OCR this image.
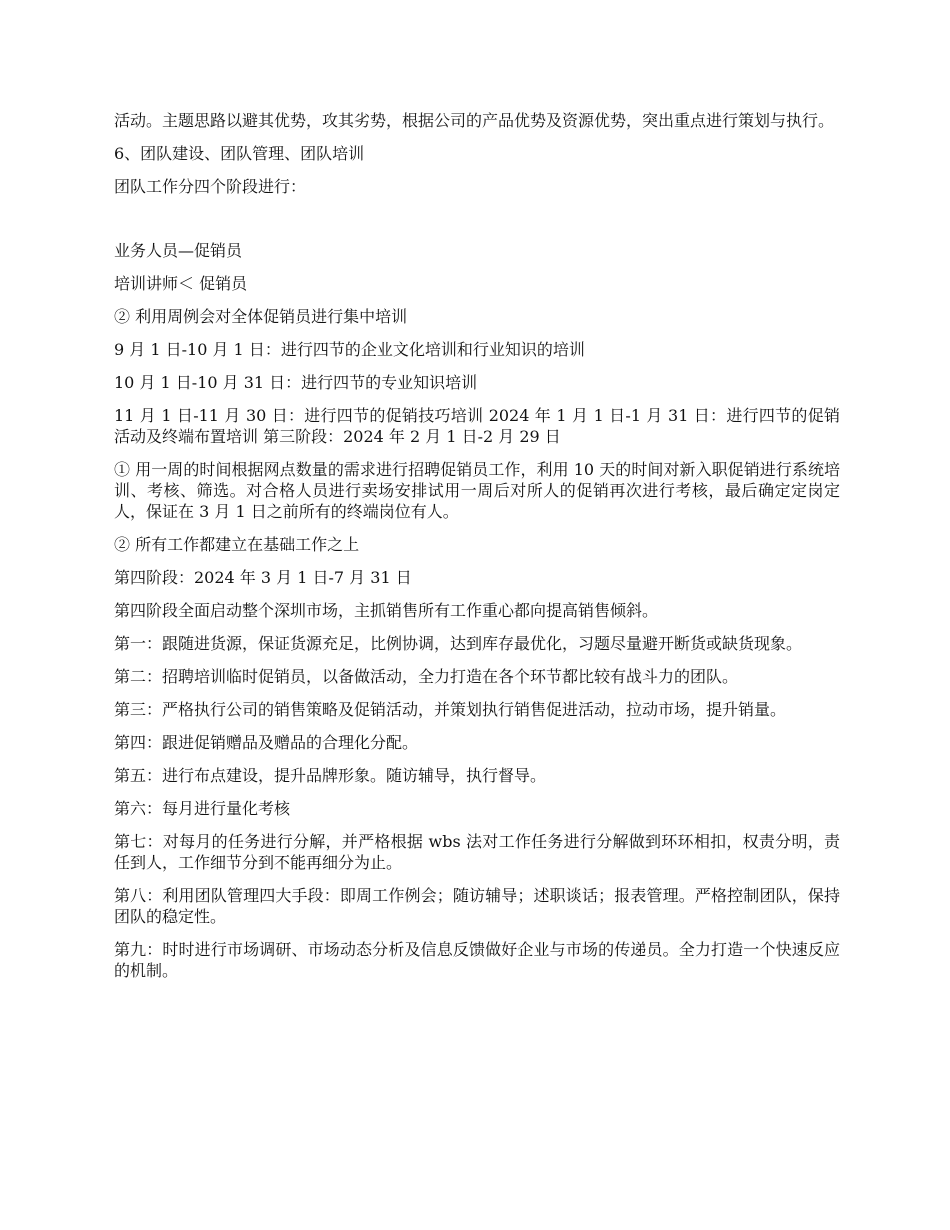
活动。主题思路以避其优势，攻其劣势，根据公司的产品优势及资源优势，突出重点进行策划与执行。

6、团队建设、团队管理、团队培训

团队工作分四个阶段进行：

业务人员—促销员

培训讲师＜ 促销员

② 利用周例会对全体促销员进行集中培训

9 月 1 日-10 月 1 日：进行四节的企业文化培训和行业知识的培训

10 月 1 日-10 月 31 日：进行四节的专业知识培训

11 月 1 日-11 月 30 日：进行四节的促销技巧培训 2024 年 1 月 1 日-1 月 31 日：进行四节的促销活动及终端布置培训 第三阶段：2024 年 2 月 1 日-2 月 29 日

① 用一周的时间根据网点数量的需求进行招聘促销员工作，利用 10 天的时间对新入职促销进行系统培训、考核、筛选。对合格人员进行卖场安排试用一周后对所人的促销再次进行考核，最后确定定岗定人，保证在 3 月 1 日之前所有的终端岗位有人。

② 所有工作都建立在基础工作之上

第四阶段：2024 年 3 月 1 日-7 月 31 日

第四阶段全面启动整个深圳市场，主抓销售所有工作重心都向提高销售倾斜。

第一：跟随进货源，保证货源充足，比例协调，达到库存最优化，习题尽量避开断货或缺货现象。

第二：招聘培训临时促销员，以备做活动，全力打造在各个环节都比较有战斗力的团队。

第三：严格执行公司的销售策略及促销活动，并策划执行销售促进活动，拉动市场，提升销量。

第四：跟进促销赠品及赠品的合理化分配。

第五：进行布点建设，提升品牌形象。随访辅导，执行督导。

第六：每月进行量化考核

第七：对每月的任务进行分解，并严格根据 wbs 法对工作任务进行分解做到环环相扣，权责分明，责任到人，工作细节分到不能再细分为止。

第八：利用团队管理四大手段：即周工作例会；随访辅导；述职谈话；报表管理。严格控制团队，保持团队的稳定性。

第九：时时进行市场调研、市场动态分析及信息反馈做好企业与市场的传递员。全力打造一个快速反应的机制。
